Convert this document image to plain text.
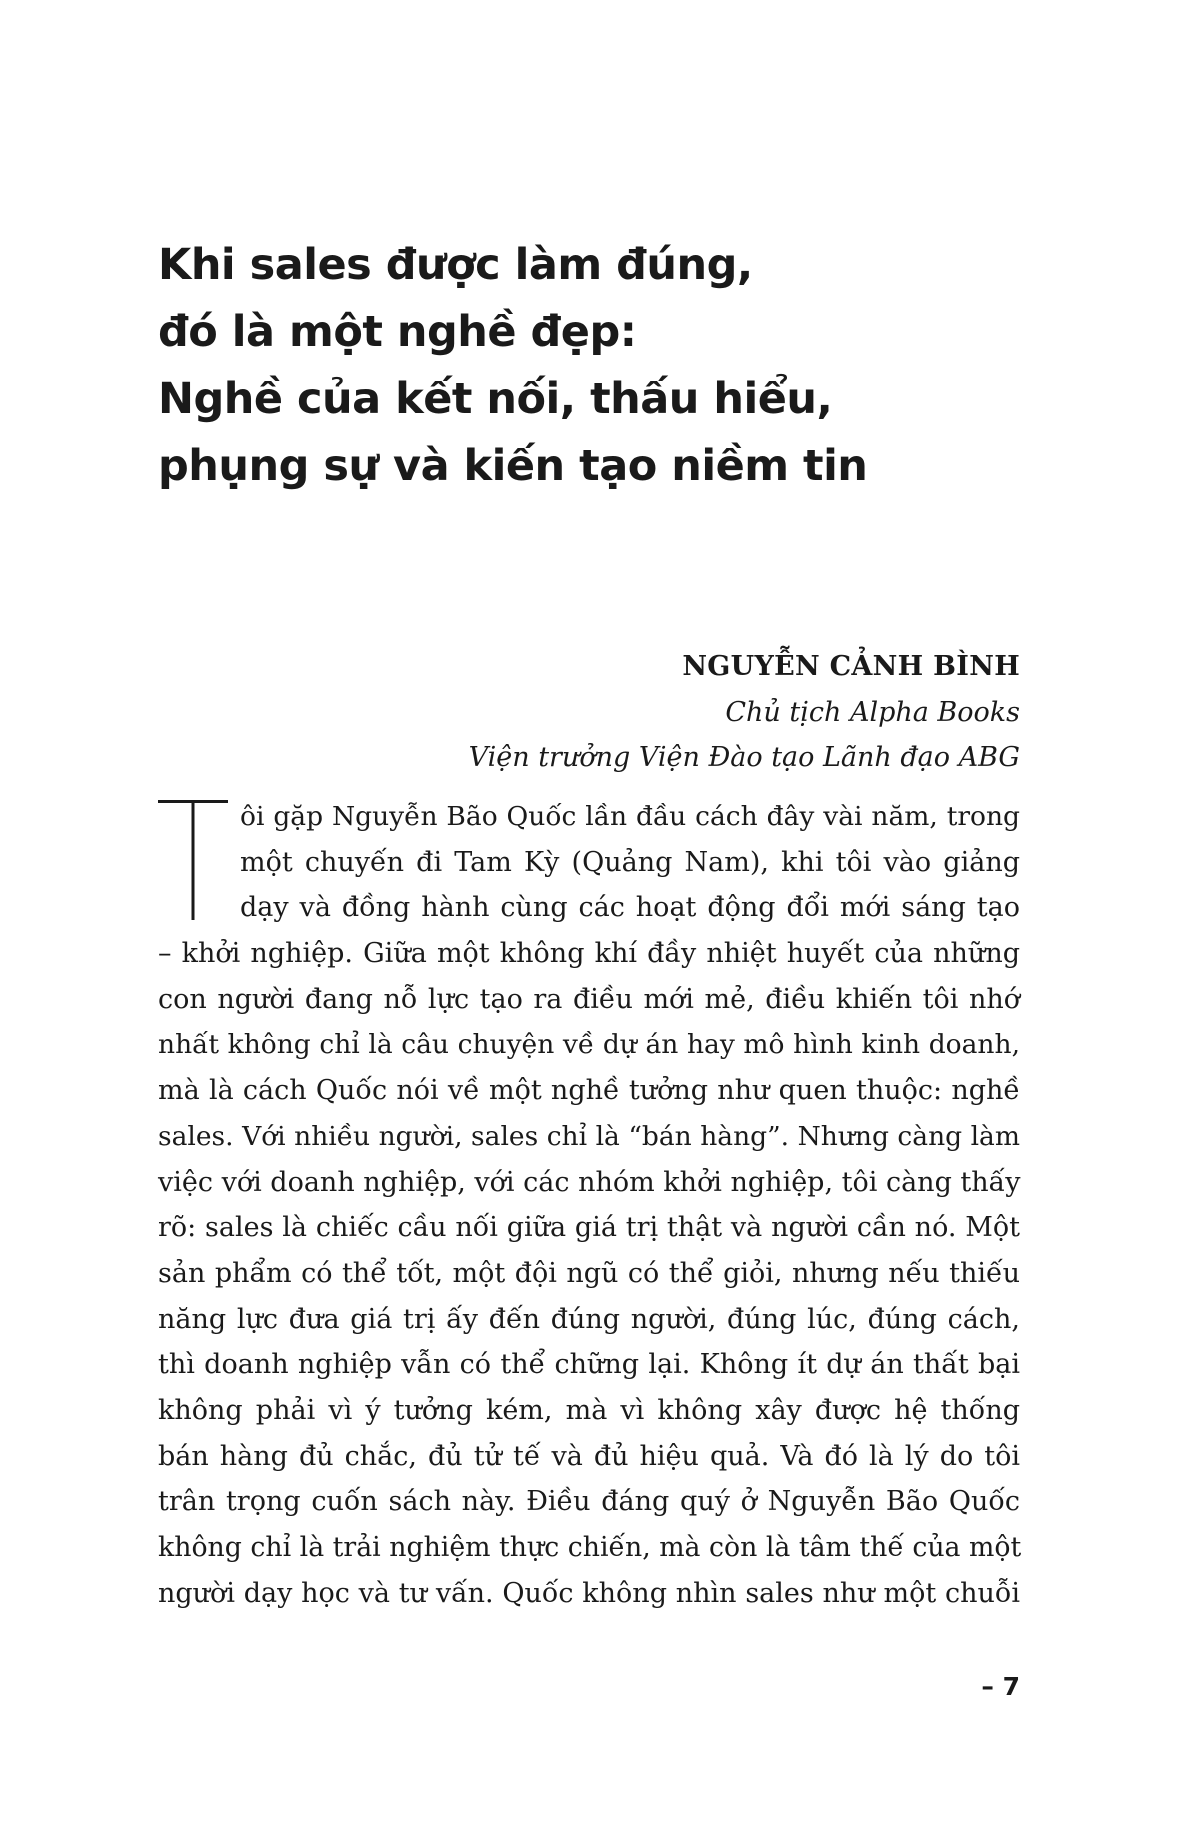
Khi sales được làm đúng,
đó là một nghề đẹp:
Nghề của kết nối, thấu hiểu,
phụng sự và kiến tạo niềm tin
NGUYỄN CẢNH BÌNH
Chủ tịch Alpha Books
Viện trưởng Viện Đào tạo Lãnh đạo ABG
ôi gặp Nguyễn Bão Quốc lần đầu cách đây vài năm, trong
một chuyến đi Tam Kỳ (Quảng Nam), khi tôi vào giảng
dạy và đồng hành cùng các hoạt động đổi mới sáng tạo
– khởi nghiệp. Giữa một không khí đầy nhiệt huyết của những
con người đang nỗ lực tạo ra điều mới mẻ, điều khiến tôi nhớ
nhất không chỉ là câu chuyện về dự án hay mô hình kinh doanh,
mà là cách Quốc nói về một nghề tưởng như quen thuộc: nghề
sales. Với nhiều người, sales chỉ là “bán hàng”. Nhưng càng làm
việc với doanh nghiệp, với các nhóm khởi nghiệp, tôi càng thấy
rõ: sales là chiếc cầu nối giữa giá trị thật và người cần nó. Một
sản phẩm có thể tốt, một đội ngũ có thể giỏi, nhưng nếu thiếu
năng lực đưa giá trị ấy đến đúng người, đúng lúc, đúng cách,
thì doanh nghiệp vẫn có thể chững lại. Không ít dự án thất bại
không phải vì ý tưởng kém, mà vì không xây được hệ thống
bán hàng đủ chắc, đủ tử tế và đủ hiệu quả. Và đó là lý do tôi
trân trọng cuốn sách này. Điều đáng quý ở Nguyễn Bão Quốc
không chỉ là trải nghiệm thực chiến, mà còn là tâm thế của một
người dạy học và tư vấn. Quốc không nhìn sales như một chuỗi
– 7
